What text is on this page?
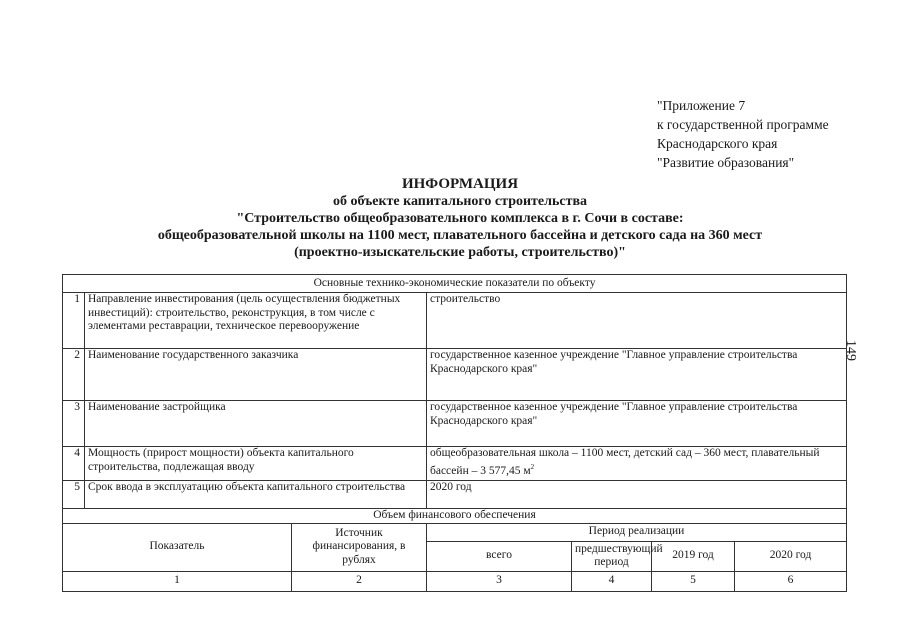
"Приложение 7
к государственной программе
Краснодарского края
"Развитие образования"
149
ИНФОРМАЦИЯ
об объекте капитального строительства
"Строительство общеобразовательного комплекса в г. Сочи в составе:
общеобразовательной школы на 1100 мест, плавательного бассейна и детского сада на 360 мест
(проектно-изыскательские работы, строительство)"
Основные технико-экономические показатели по объекту						
1	Направление инвестирования (цель осуществления бюджетных инвестиций): строительство, реконструкция, в том числе с элементами реставрации, техническое перевооружение		строительство			
2	Наименование государственного заказчика		государственное казенное учреждение "Главное управление строительства Краснодарского края"			
3	Наименование застройщика		государственное казенное учреждение "Главное управление строительства Краснодарского края"			
4	Мощность (прирост мощности) объекта капитального строительства, подлежащая вводу		общеобразовательная школа – 1100 мест, детский сад – 360 мест, плавательный бассейн – 3 577,45 $м^2$
5	Срок ввода в эксплуатацию объекта капитального строительства		2020 год			
Объем финансового обеспечения						
Показатель		Источник финансирования, в рублях	Период реализации			
			всего	предшествующий период	2019 год	2020 год
1		2	3	4	5	6
